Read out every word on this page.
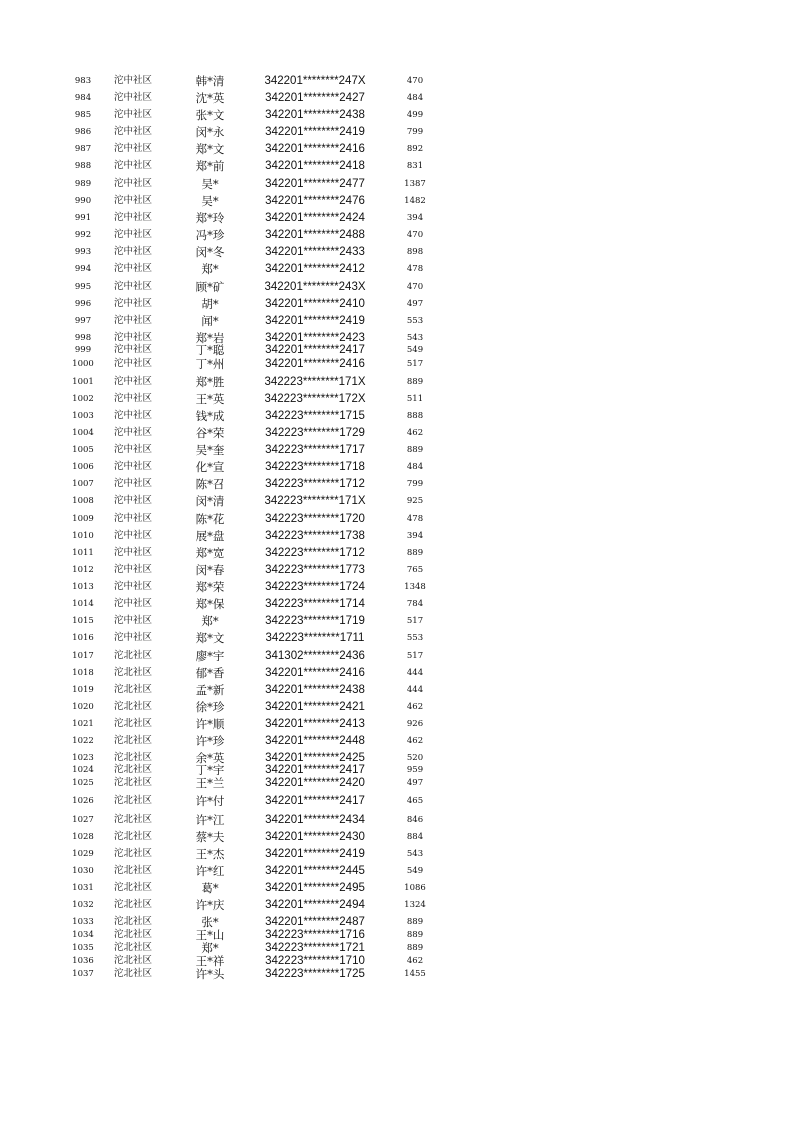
983	沱中社区	韩*清	342201********247X	470
984	沱中社区	沈*英	342201********2427	484
985	沱中社区	张*文	342201********2438	499
986	沱中社区	闵*永	342201********2419	799
987	沱中社区	郑*文	342201********2416	892
988	沱中社区	郑*前	342201********2418	831
989	沱中社区	吴*	342201********2477	1387
990	沱中社区	吴*	342201********2476	1482
991	沱中社区	郑*玲	342201********2424	394
992	沱中社区	冯*珍	342201********2488	470
993	沱中社区	闵*冬	342201********2433	898
994	沱中社区	郑*	342201********2412	478
995	沱中社区	顾*矿	342201********243X	470
996	沱中社区	胡*	342201********2410	497
997	沱中社区	闻*	342201********2419	553
998	沱中社区	郑*岩	342201********2423	543
999	沱中社区	丁*聪	342201********2417	549
1000	沱中社区	丁*州	342201********2416	517
1001	沱中社区	郑*胜	342223********171X	889
1002	沱中社区	王*英	342223********172X	511
1003	沱中社区	钱*成	342223********1715	888
1004	沱中社区	谷*荣	342223********1729	462
1005	沱中社区	吴*奎	342223********1717	889
1006	沱中社区	化*宣	342223********1718	484
1007	沱中社区	陈*召	342223********1712	799
1008	沱中社区	闵*清	342223********171X	925
1009	沱中社区	陈*花	342223********1720	478
1010	沱中社区	展*盘	342223********1738	394
1011	沱中社区	郑*宽	342223********1712	889
1012	沱中社区	闵*春	342223********1773	765
1013	沱中社区	郑*荣	342223********1724	1348
1014	沱中社区	郑*保	342223********1714	784
1015	沱中社区	郑*	342223********1719	517
1016	沱中社区	郑*文	342223********1711	553
1017	沱北社区	廖*宇	341302********2436	517
1018	沱北社区	郁*香	342201********2416	444
1019	沱北社区	孟*新	342201********2438	444
1020	沱北社区	徐*珍	342201********2421	462
1021	沱北社区	许*顺	342201********2413	926
1022	沱北社区	许*珍	342201********2448	462
1023	沱北社区	余*英	342201********2425	520
1024	沱北社区	丁*宇	342201********2417	959
1025	沱北社区	王*兰	342201********2420	497
1026	沱北社区	许*付	342201********2417	465
1027	沱北社区	许*江	342201********2434	846
1028	沱北社区	蔡*夫	342201********2430	884
1029	沱北社区	王*杰	342201********2419	543
1030	沱北社区	许*红	342201********2445	549
1031	沱北社区	葛*	342201********2495	1086
1032	沱北社区	许*庆	342201********2494	1324
1033	沱北社区	张*	342201********2487	889
1034	沱北社区	王*山	342223********1716	889
1035	沱北社区	郑*	342223********1721	889
1036	沱北社区	王*祥	342223********1710	462
1037	沱北社区	许*头	342223********1725	1455
